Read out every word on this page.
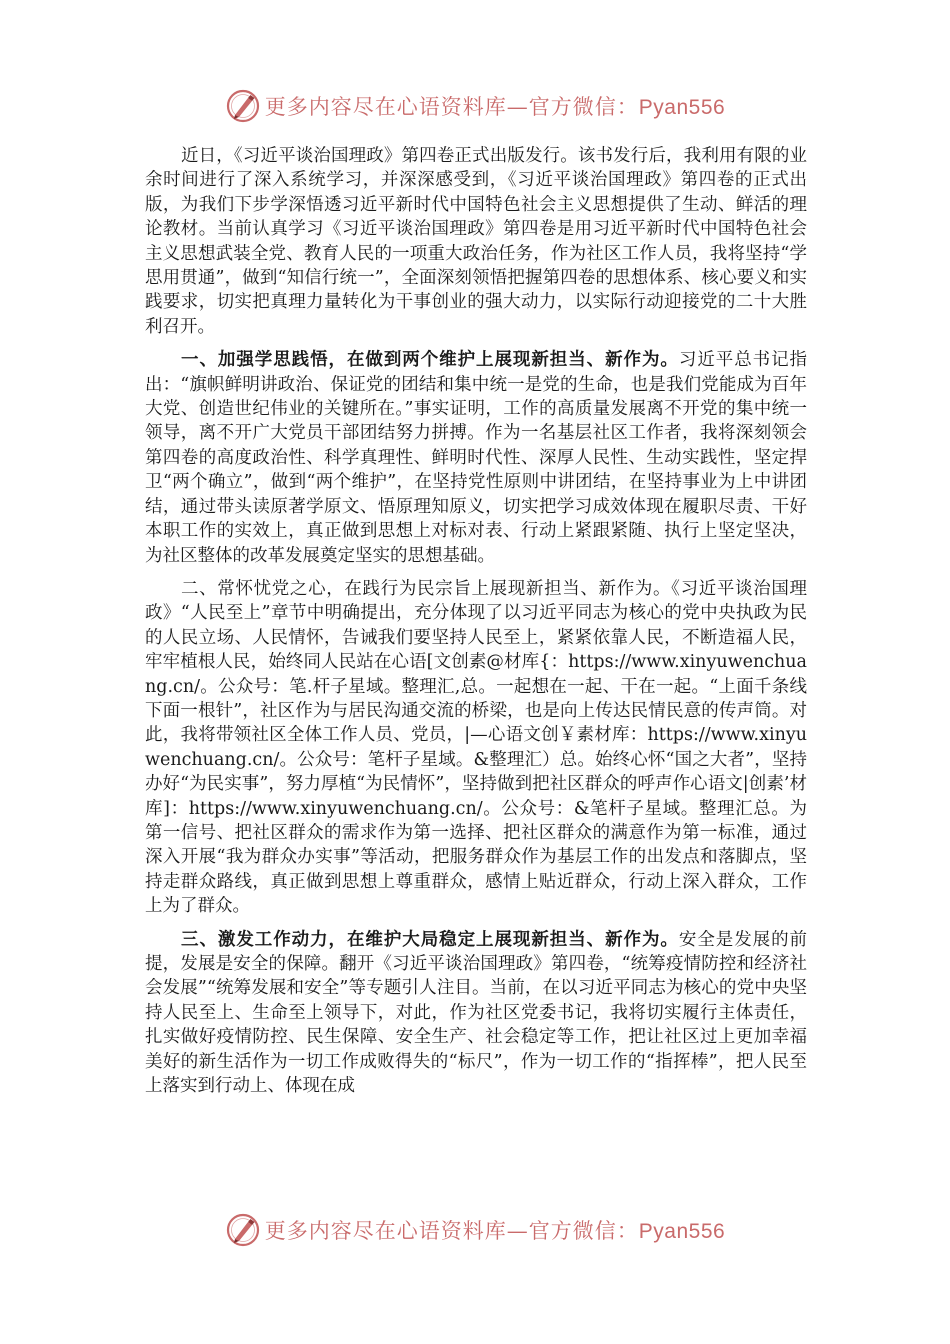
更多内容尽在心语资料库—官方微信：Pyan556

近日，《习近平谈治国理政》第四卷正式出版发行。该书发行后，我利用有限的业余时间进行了深入系统学习，并深深感受到，《习近平谈治国理政》第四卷的正式出版，为我们下步学深悟透习近平新时代中国特色社会主义思想提供了生动、鲜活的理论教材。当前认真学习《习近平谈治国理政》第四卷是用习近平新时代中国特色社会主义思想武装全党、教育人民的一项重大政治任务，作为社区工作人员，我将坚持“学思用贯通”，做到“知信行统一”，全面深刻领悟把握第四卷的思想体系、核心要义和实践要求，切实把真理力量转化为干事创业的强大动力，以实际行动迎接党的二十大胜利召开。

一、加强学思践悟，在做到两个维护上展现新担当、新作为。习近平总书记指出：“旗帜鲜明讲政治、保证党的团结和集中统一是党的生命，也是我们党能成为百年大党、创造世纪伟业的关键所在。”事实证明，工作的高质量发展离不开党的集中统一领导，离不开广大党员干部团结努力拼搏。作为一名基层社区工作者，我将深刻领会第四卷的高度政治性、科学真理性、鲜明时代性、深厚人民性、生动实践性，坚定捍卫“两个确立”，做到“两个维护”，在坚持党性原则中讲团结，在坚持事业为上中讲团结，通过带头读原著学原文、悟原理知原义，切实把学习成效体现在履职尽责、干好本职工作的实效上，真正做到思想上对标对表、行动上紧跟紧随、执行上坚定坚决，为社区整体的改革发展奠定坚实的思想基础。

二、常怀忧党之心，在践行为民宗旨上展现新担当、新作为。《习近平谈治国理政》“人民至上”章节中明确提出，充分体现了以习近平同志为核心的党中央执政为民的人民立场、人民情怀，告诫我们要坚持人民至上，紧紧依靠人民，不断造福人民，牢牢植根人民，始终同人民站在心语[文创素@材库{：https://www.xinyuwenchuang.cn/。公众号：笔.杆子星域。整理汇,总。一起想在一起、干在一起。“上面千条线下面一根针”，社区作为与居民沟通交流的桥梁，也是向上传达民情民意的传声筒。对此，我将带领社区全体工作人员、党员，|—心语文创￥素材库：https://www.xinyuwenchuang.cn/。公众号：笔杆子星域。&整理汇）总。始终心怀“国之大者”，坚持办好“为民实事”，努力厚植“为民情怀”，坚持做到把社区群众的呼声作心语文|创素’材库]：https://www.xinyuwenchuang.cn/。公众号：&笔杆子星域。整理汇总。为第一信号、把社区群众的需求作为第一选择、把社区群众的满意作为第一标准，通过深入开展“我为群众办实事”等活动，把服务群众作为基层工作的出发点和落脚点，坚持走群众路线，真正做到思想上尊重群众，感情上贴近群众，行动上深入群众，工作上为了群众。

三、激发工作动力，在维护大局稳定上展现新担当、新作为。安全是发展的前提，发展是安全的保障。翻开《习近平谈治国理政》第四卷，“统筹疫情防控和经济社会发展”“统筹发展和安全”等专题引人注目。当前，在以习近平同志为核心的党中央坚持人民至上、生命至上领导下，对此，作为社区党委书记，我将切实履行主体责任，扎实做好疫情防控、民生保障、安全生产、社会稳定等工作，把让社区过上更加幸福美好的新生活作为一切工作成败得失的“标尺”，作为一切工作的“指挥棒”，把人民至上落实到行动上、体现在成

更多内容尽在心语资料库—官方微信：Pyan556
